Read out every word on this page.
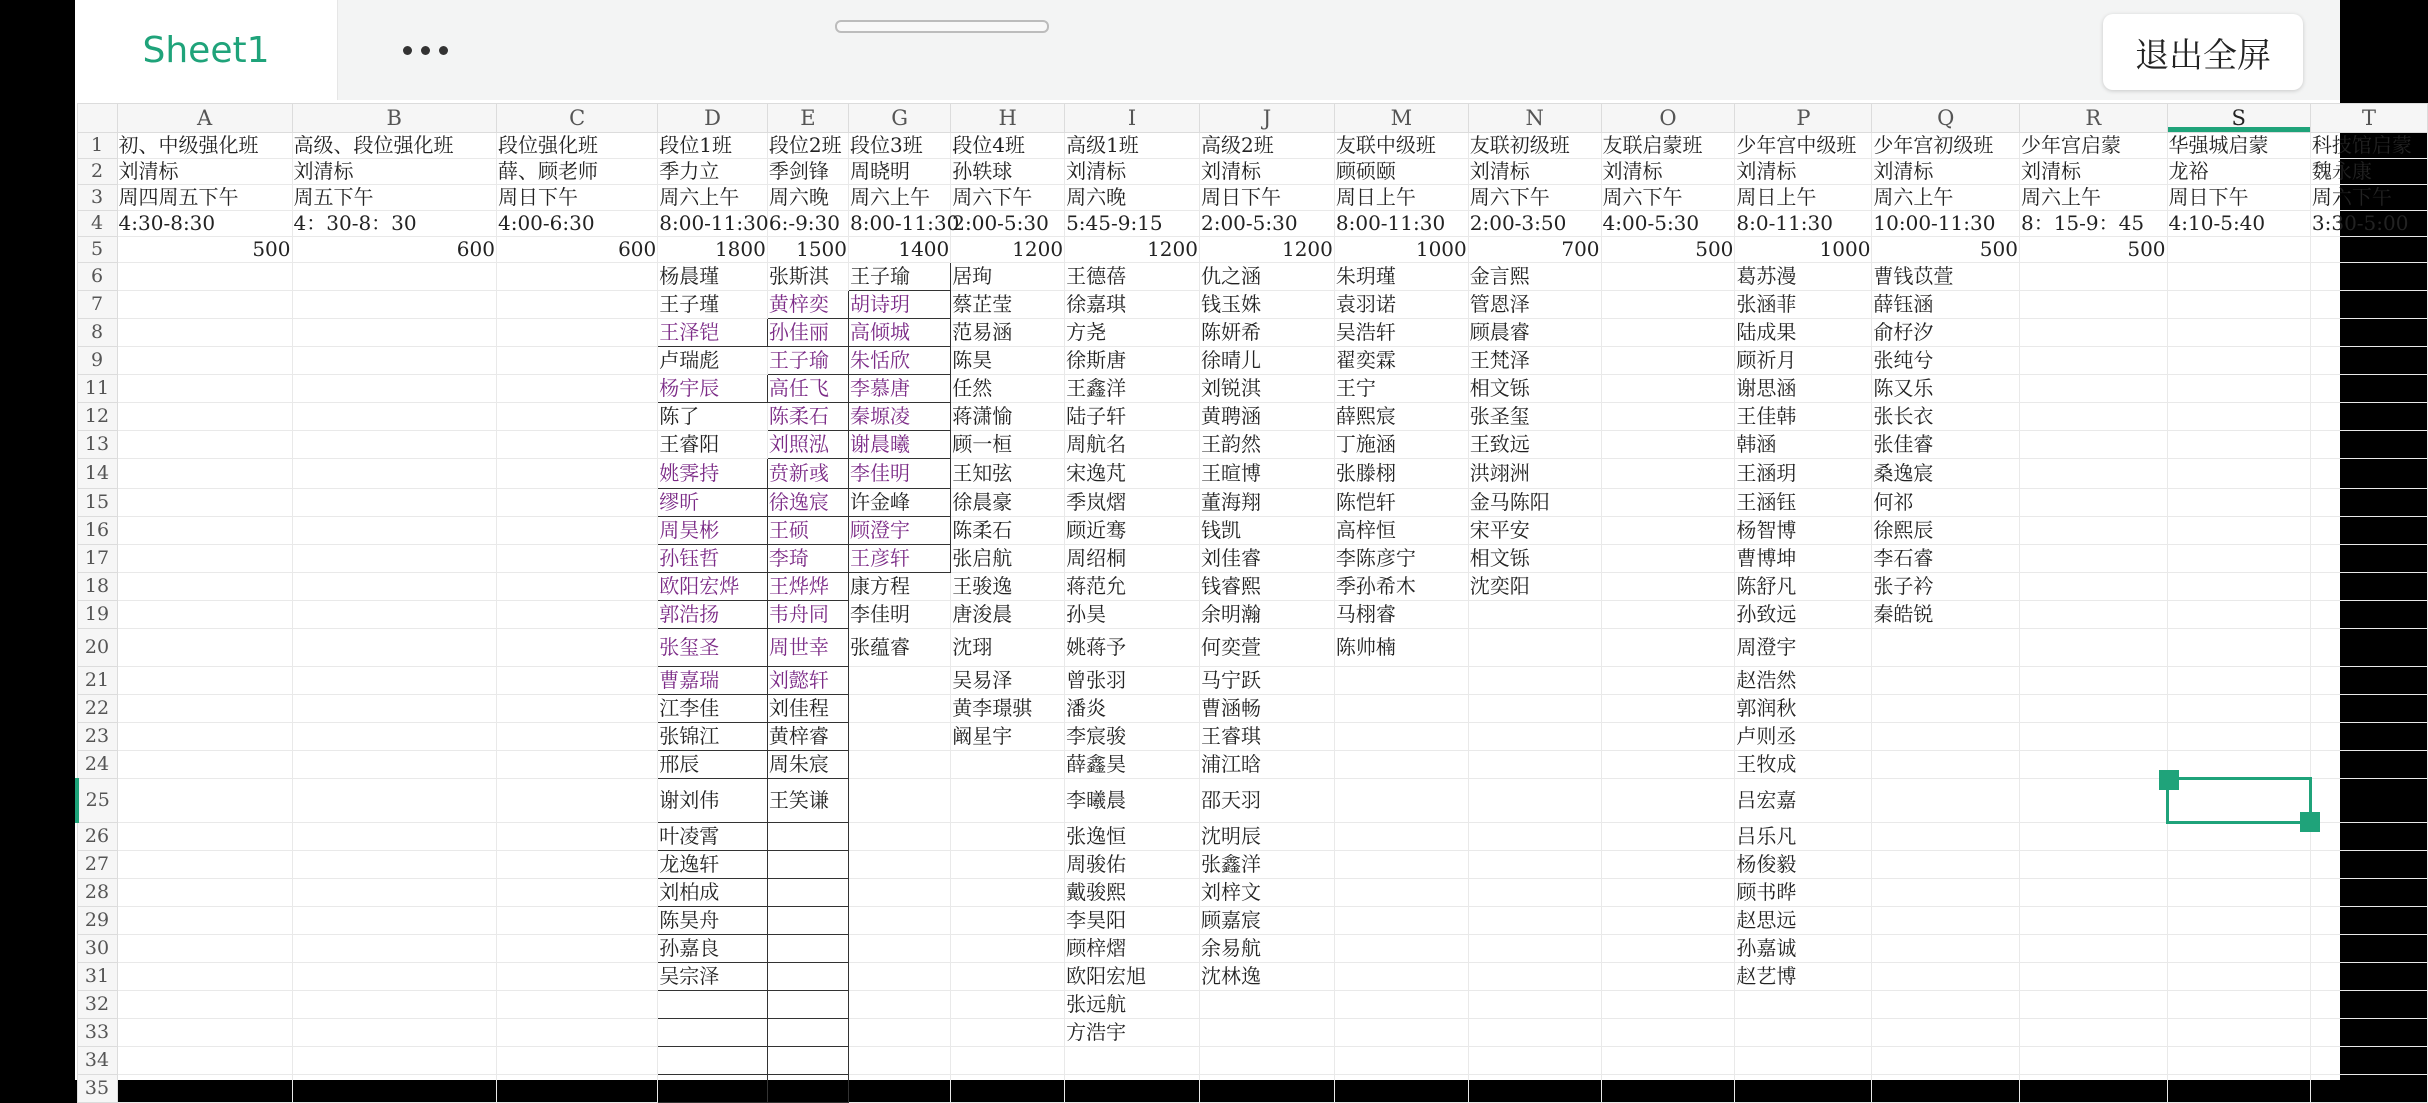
Sheet1	退出全屏
	A	B	C	D	E	G	H	I	J	M	N	O	P	Q	R	S	T
1	初、中级强化班	高级、段位强化班	段位强化班	段位1班	段位2班	段位3班	段位4班	高级1班	高级2班	友联中级班	友联初级班	友联启蒙班	少年宫中级班	少年宫初级班	少年宫启蒙	华强城启蒙	科技馆启蒙
2	刘清标	刘清标	薛、顾老师	季力立	季剑锋	周晓明	孙轶球	刘清标	刘清标	顾硕颐	刘清标	刘清标	刘清标	刘清标	刘清标	龙裕	魏永康
3	周四周五下午	周五下午	周日下午	周六上午	周六晚	周六上午	周六下午	周六晚	周日下午	周日上午	周六下午	周六下午	周日上午	周六上午	周六上午	周日下午	周六下午
4	4:30-8:30	4：30-8：30	4:00-6:30	8:00-11:30	6:-9:30	8:00-11:30	2:00-5:30	5:45-9:15	2:00-5:30	8:00-11:30	2:00-3:50	4:00-5:30	8:0-11:30	10:00-11:30	8：15-9：45	4:10-5:40	3:30-5:00
5	500	600	600	1800	1500	1400	1200	1200	1200	1000	700	500	1000	500	500		
6				杨晨瑾	张斯淇	王子瑜	居珣	王德蓓	仇之涵	朱玥瑾	金言熙		葛苏漫	曹钱苡萱			
7				王子瑾	黄梓奕	胡诗玥	蔡芷莹	徐嘉琪	钱玉姝	袁羽诺	管恩泽		张涵菲	薛钰涵			
8				王泽铠	孙佳丽	高倾城	范易涵	方尧	陈妍希	吴浩轩	顾晨睿		陆成果	俞杍汐			
9				卢瑞彪	王子瑜	朱恬欣	陈昊	徐斯唐	徐晴儿	翟奕霖	王梵泽		顾祈月	张纯兮			
11				杨宇辰	高任飞	李慕唐	任然	王鑫洋	刘锐淇	王宁	相文铄		谢思涵	陈又乐			
12				陈了	陈柔石	秦塬凌	蒋潇愉	陆子轩	黄聘涵	薛熙宸	张圣玺		王佳韩	张长衣			
13				王睿阳	刘照泓	谢晨曦	顾一桓	周航名	王韵然	丁施涵	王致远		韩涵	张佳睿			
14				姚霁持	贲新彧	李佳明	王知弦	宋逸芃	王暄博	张滕栩	洪翊洲		王涵玥	桑逸宸			
15				缪昕	徐逸宸	许金峰	徐晨豪	季岚熠	董海翔	陈恺轩	金马陈阳		王涵钰	何祁			
16				周昊彬	王硕	顾澄宇	陈柔石	顾近骞	钱凯	高梓恒	宋平安		杨智博	徐熙辰			
17				孙钰哲	李琦	王彦轩	张启航	周绍桐	刘佳睿	李陈彦宁	相文铄		曹博坤	李石睿			
18				欧阳宏烨	王烨烨	康方程	王骏逸	蒋范允	钱睿熙	季孙希木	沈奕阳		陈舒凡	张子衿			
19				郭浩扬	韦舟同	李佳明	唐浚晨	孙昊	余明瀚	马栩睿			孙致远	秦皓锐			
20				张玺圣	周世幸	张蕴睿	沈珝	姚蒋予	何奕萱	陈帅楠			周澄宇				
21				曹嘉瑞	刘懿轩		吴易泽	曾张羽	马宁跃				赵浩然				
22				江李佳	刘佳程		黄李璟骐	潘炎	曹涵畅				郭润秋				
23				张锦江	黄梓睿		阚星宇	李宸骏	王睿琪				卢则丞				
24				邢辰	周朱宸			薛鑫昊	浦江晗				王牧成				
25				谢刘伟	王笑谦			李曦晨	邵天羽				吕宏嘉			

26				叶凌霄				张逸恒	沈明辰				吕乐凡				
27				龙逸轩				周骏佑	张鑫洋				杨俊毅				
28				刘柏成				戴骏熙	刘梓文				顾书晔				
29				陈昊舟				李昊阳	顾嘉宸				赵思远				
30				孙嘉良				顾梓熠	余易航				孙嘉诚				
31				吴宗泽				欧阳宏旭	沈林逸				赵艺博				
32								张远航									
33								方浩宇									
34																	
35																	
